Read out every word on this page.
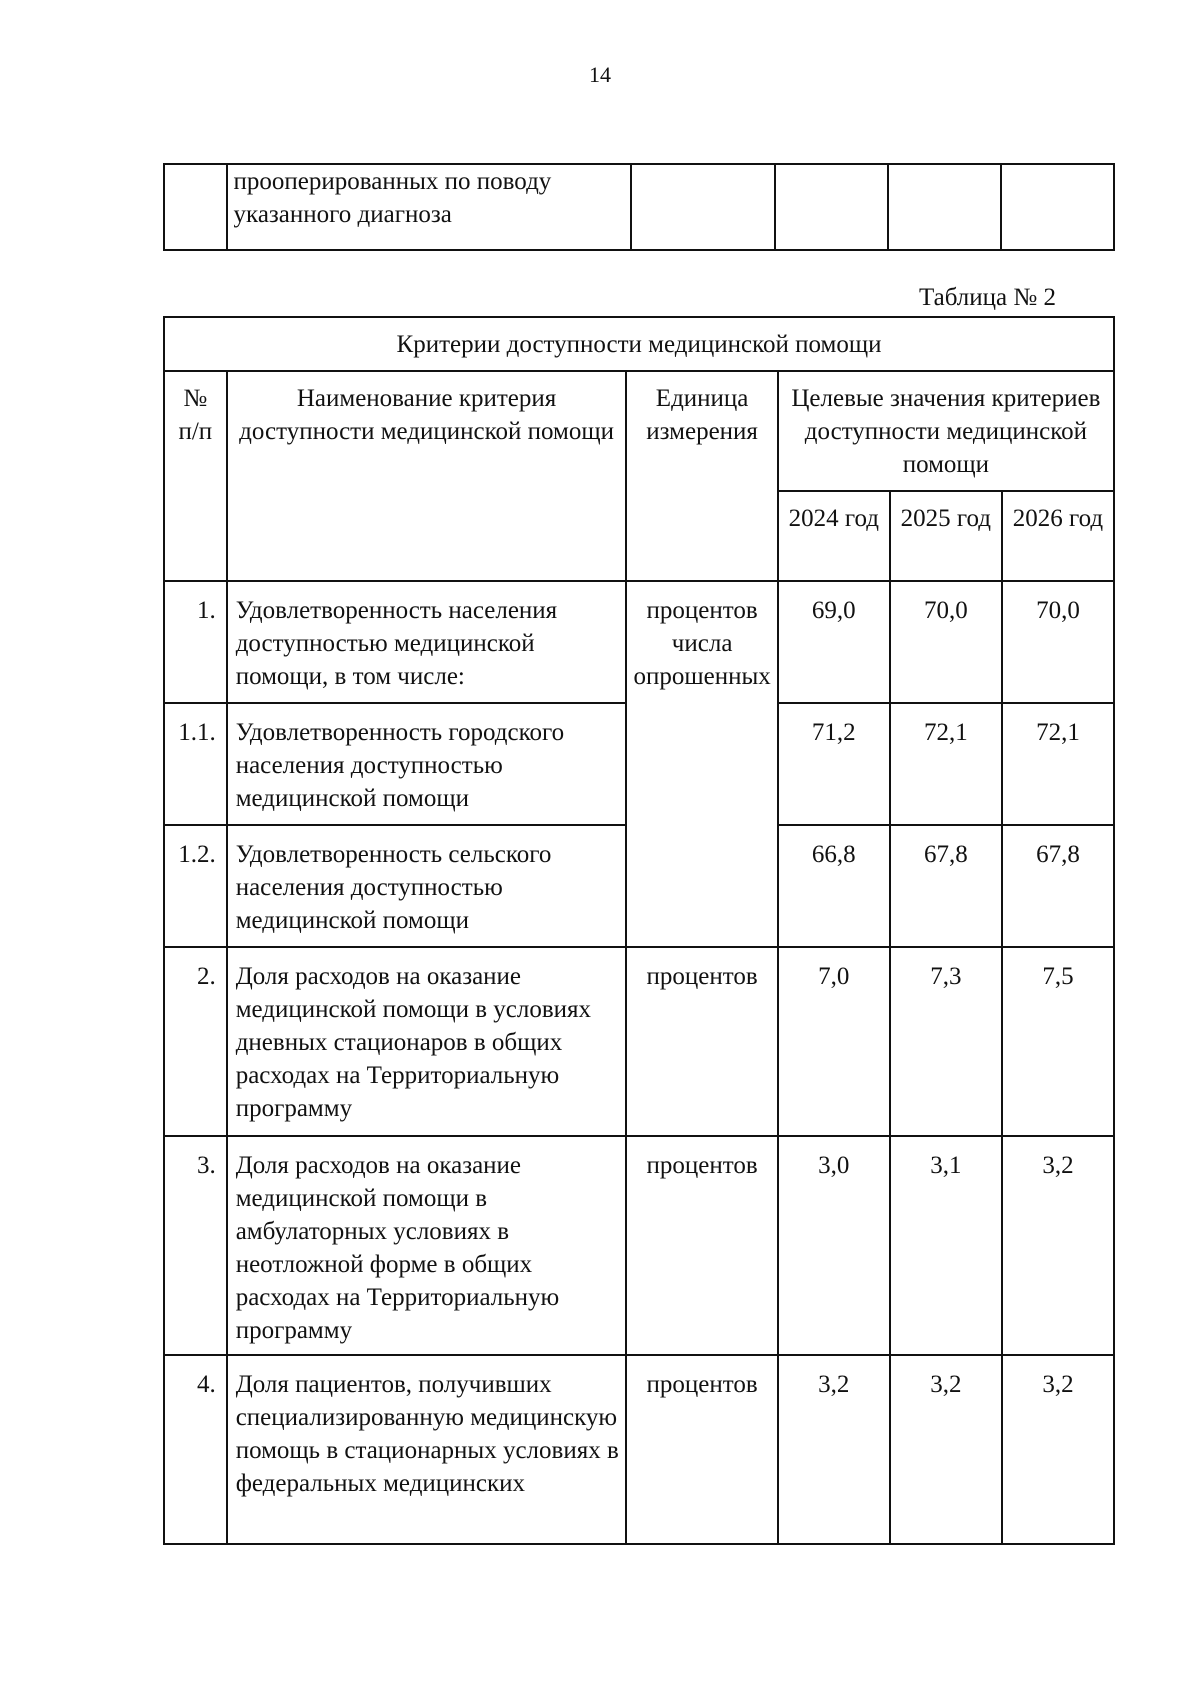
14

прооперированных по поводу
указанного диагноза

Таблица № 2
Критерии доступности медицинской помощи					

№
п/п	Наименование критерия доступности медицинской помощи	Единица измерения	Целевые значения критериев доступности медицинской помощи		
			2024 год	2025 год	2026 год
1.	Удовлетворенность населения доступностью медицинской помощи, в том числе:	процентов числа опрошенных	69,0	70,0	70,0
1.1.	Удовлетворенность городского населения доступностью медицинской помощи		71,2	72,1	72,1
1.2.	Удовлетворенность сельского населения доступностью медицинской помощи		66,8	67,8	67,8
2.	Доля расходов на оказание медицинской помощи в условиях дневных стационаров в общих расходах на Территориальную программу	процентов	7,0	7,3	7,5
3.	Доля расходов на оказание медицинской помощи в амбулаторных условиях в неотложной форме в общих расходах на Территориальную программу	процентов	3,0	3,1	3,2
4.	Доля пациентов, получивших специализированную медицинскую помощь в стационарных условиях в федеральных медицинских	процентов	3,2	3,2	3,2
